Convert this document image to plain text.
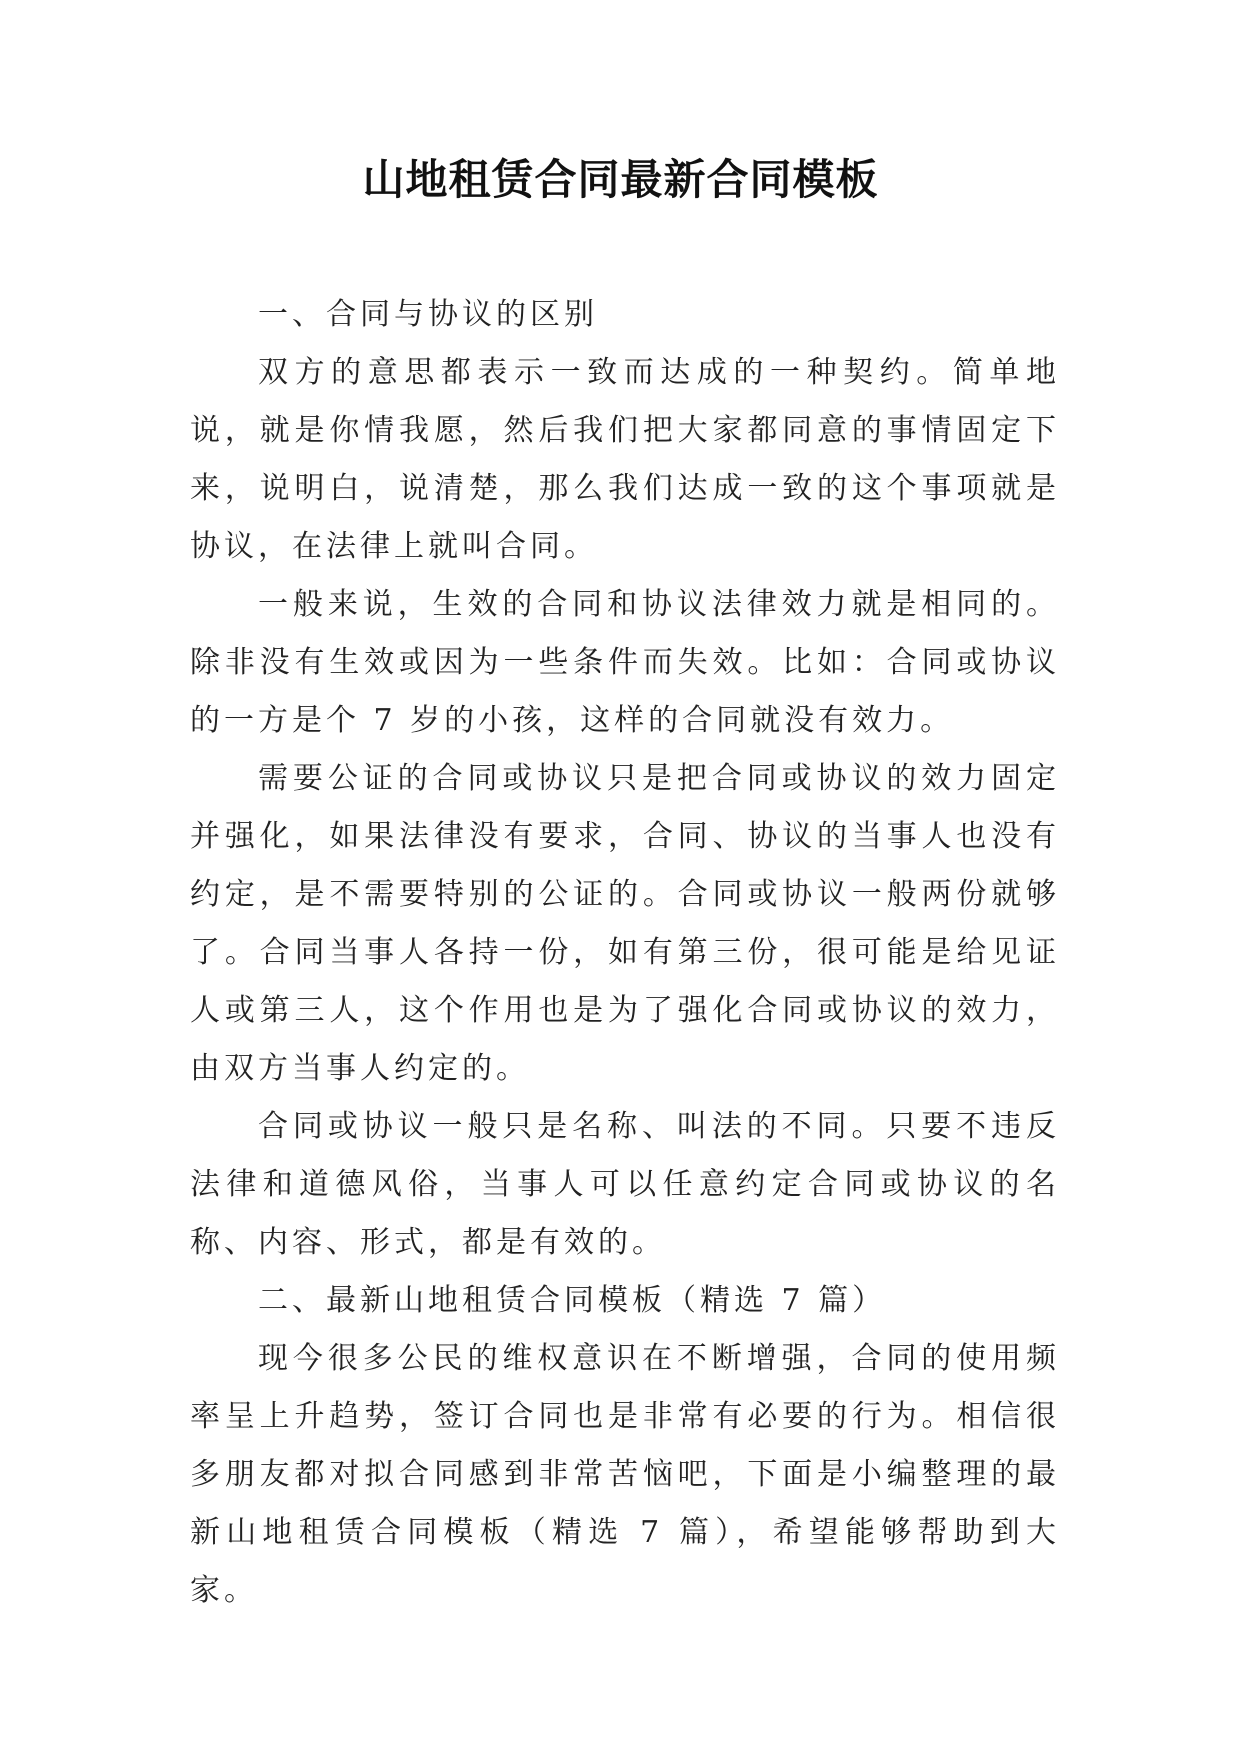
山地租赁合同最新合同模板

一、合同与协议的区别

双方的意思都表示一致而达成的一种契约。简单地说，就是你情我愿，然后我们把大家都同意的事情固定下来，说明白，说清楚，那么我们达成一致的这个事项就是协议，在法律上就叫合同。

一般来说，生效的合同和协议法律效力就是相同的。除非没有生效或因为一些条件而失效。比如：合同或协议的一方是个 7 岁的小孩，这样的合同就没有效力。

需要公证的合同或协议只是把合同或协议的效力固定并强化，如果法律没有要求，合同、协议的当事人也没有约定，是不需要特别的公证的。合同或协议一般两份就够了。合同当事人各持一份，如有第三份，很可能是给见证人或第三人，这个作用也是为了强化合同或协议的效力，由双方当事人约定的。

合同或协议一般只是名称、叫法的不同。只要不违反法律和道德风俗，当事人可以任意约定合同或协议的名称、内容、形式，都是有效的。

二、最新山地租赁合同模板（精选 7 篇）

现今很多公民的维权意识在不断增强，合同的使用频率呈上升趋势，签订合同也是非常有必要的行为。相信很多朋友都对拟合同感到非常苦恼吧，下面是小编整理的最新山地租赁合同模板（精选 7 篇），希望能够帮助到大家。
